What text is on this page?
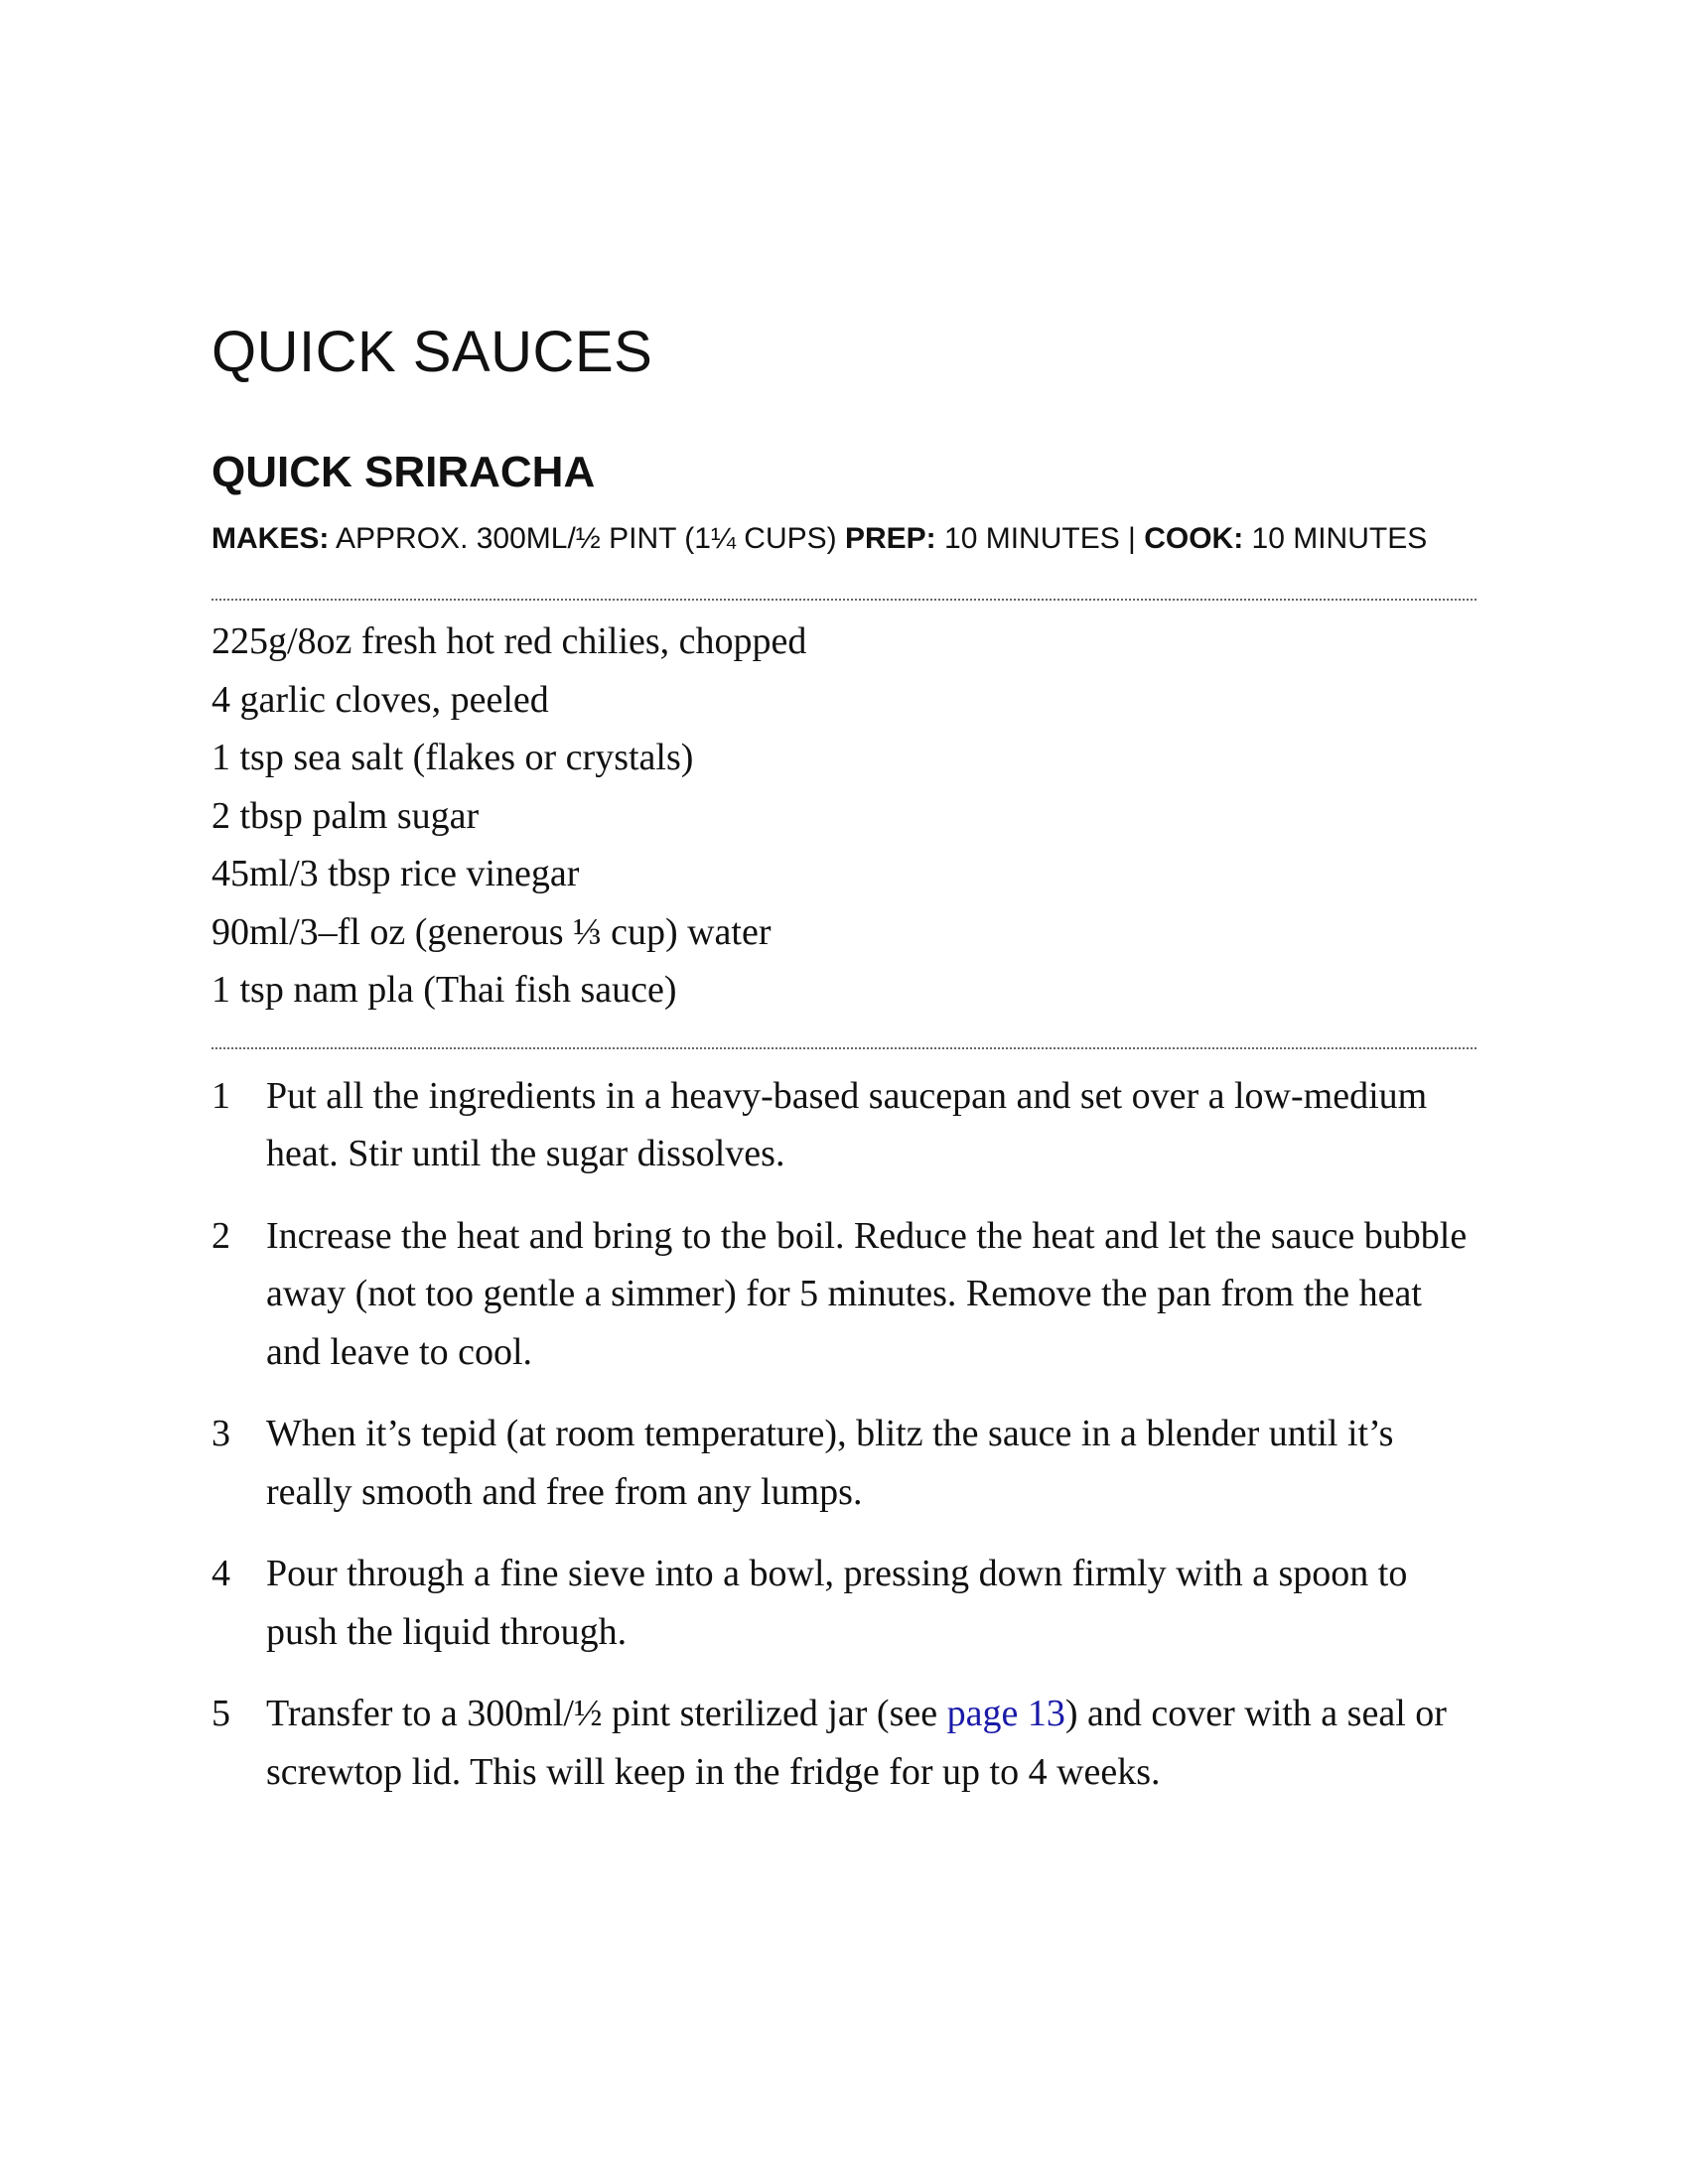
QUICK SAUCES
QUICK SRIRACHA
MAKES: APPROX. 300ML/½ PINT (1¼ CUPS) PREP: 10 MINUTES | COOK: 10 MINUTES
225g/8oz fresh hot red chilies, chopped
4 garlic cloves, peeled
1 tsp sea salt (flakes or crystals)
2 tbsp palm sugar
45ml/3 tbsp rice vinegar
90ml/3–fl oz (generous ⅓ cup) water
1 tsp nam pla (Thai fish sauce)
1 Put all the ingredients in a heavy-based saucepan and set over a low-medium heat. Stir until the sugar dissolves.
2 Increase the heat and bring to the boil. Reduce the heat and let the sauce bubble away (not too gentle a simmer) for 5 minutes. Remove the pan from the heat and leave to cool.
3 When it’s tepid (at room temperature), blitz the sauce in a blender until it’s really smooth and free from any lumps.
4 Pour through a fine sieve into a bowl, pressing down firmly with a spoon to push the liquid through.
5 Transfer to a 300ml/½ pint sterilized jar (see page 13) and cover with a seal or screwtop lid. This will keep in the fridge for up to 4 weeks.
